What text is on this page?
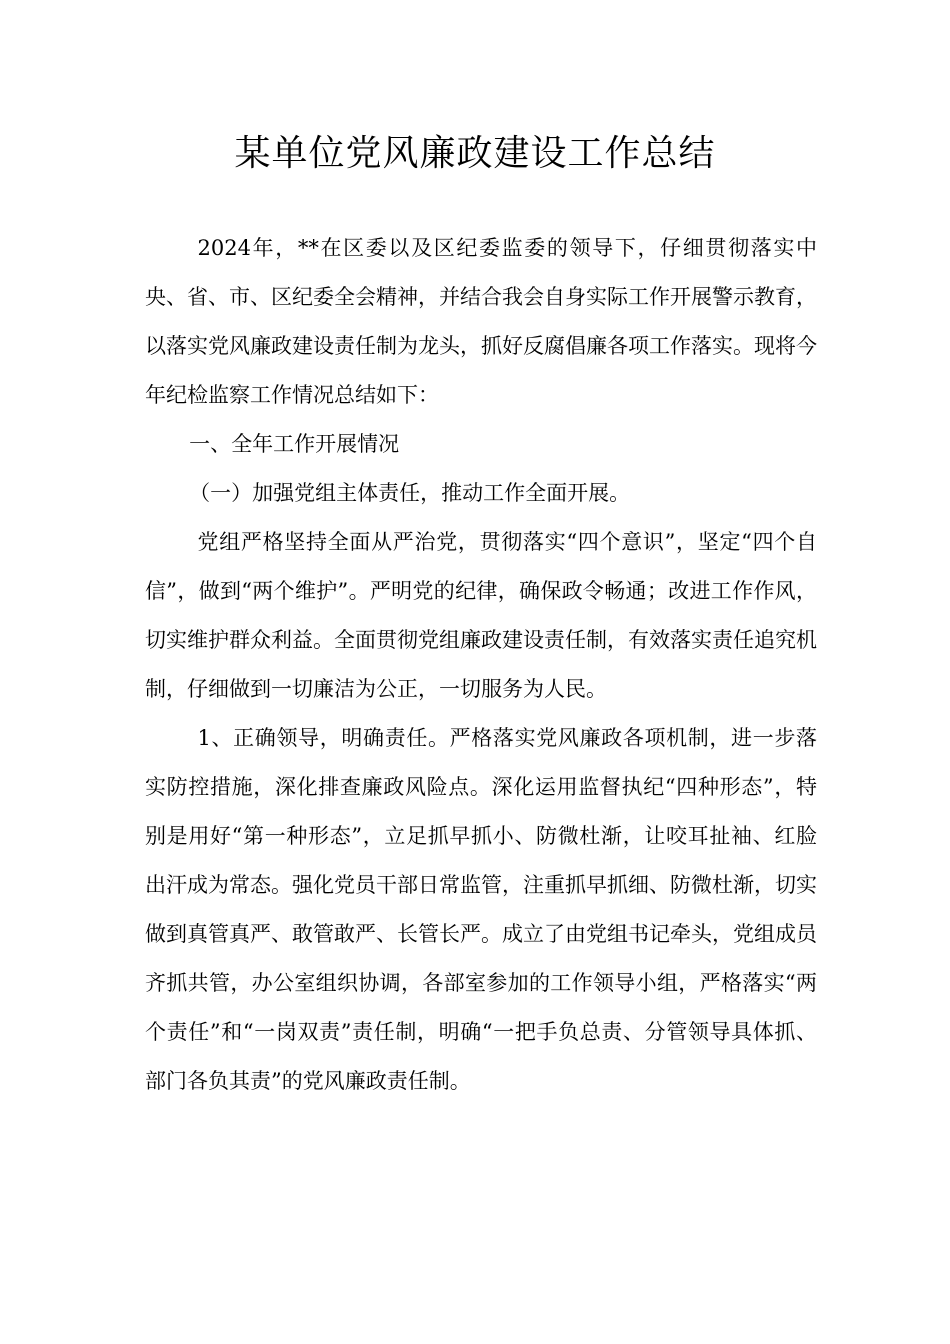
某单位党风廉政建设工作总结

2024年，**在区委以及区纪委监委的领导下，仔细贯彻落实中央、省、市、区纪委全会精神，并结合我会自身实际工作开展警示教育，以落实党风廉政建设责任制为龙头，抓好反腐倡廉各项工作落实。现将今年纪检监察工作情况总结如下：

一、全年工作开展情况

（一）加强党组主体责任，推动工作全面开展。

党组严格坚持全面从严治党，贯彻落实“四个意识”，坚定“四个自信”，做到“两个维护”。严明党的纪律，确保政令畅通；改进工作作风，切实维护群众利益。全面贯彻党组廉政建设责任制，有效落实责任追究机制，仔细做到一切廉洁为公正，一切服务为人民。

1、正确领导，明确责任。严格落实党风廉政各项机制，进一步落实防控措施，深化排查廉政风险点。深化运用监督执纪“四种形态”，特别是用好“第一种形态”，立足抓早抓小、防微杜渐，让咬耳扯袖、红脸出汗成为常态。强化党员干部日常监管，注重抓早抓细、防微杜渐，切实做到真管真严、敢管敢严、长管长严。成立了由党组书记牵头，党组成员齐抓共管，办公室组织协调，各部室参加的工作领导小组，严格落实“两个责任”和“一岗双责”责任制，明确“一把手负总责、分管领导具体抓、部门各负其责”的党风廉政责任制。
